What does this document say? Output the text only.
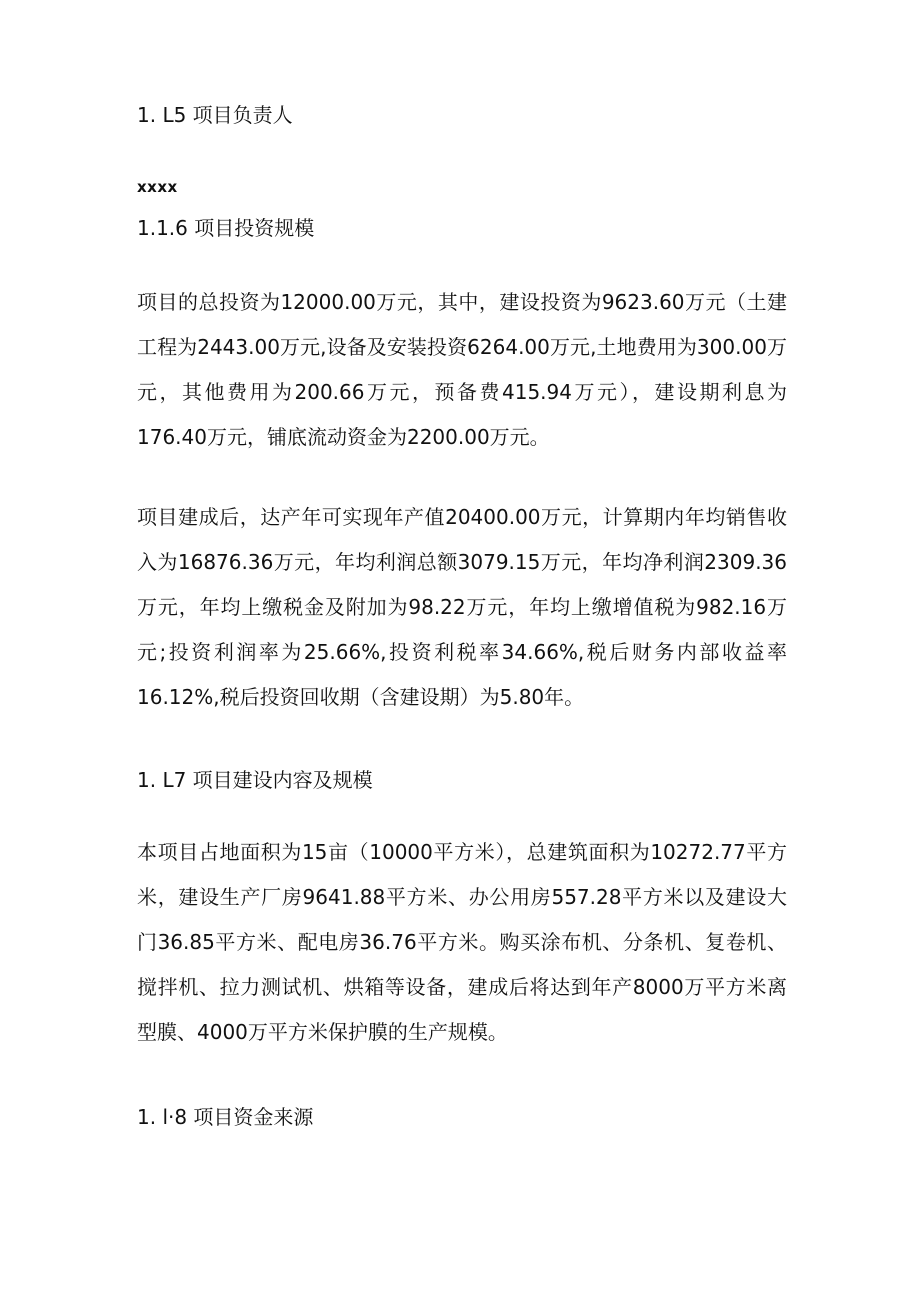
1. L5 项目负责人
xxxx
1.1.6 项目投资规模

项目的总投资为12000.00万元，其中，建设投资为9623.60万元（土建工程为2443.00万元,设备及安装投资6264.00万元,土地费用为300.00万元，其他费用为200.66万元，预备费415.94万元），建设期利息为176.40万元，铺底流动资金为2200.00万元。

项目建成后，达产年可实现年产值20400.00万元，计算期内年均销售收入为16876.36万元，年均利润总额3079.15万元，年均净利润2309.36万元，年均上缴税金及附加为98.22万元，年均上缴增值税为982.16万元;投资利润率为25.66%,投资利税率34.66%,税后财务内部收益率16.12%,税后投资回收期（含建设期）为5.80年。

1. L7 项目建设内容及规模

本项目占地面积为15亩（10000平方米），总建筑面积为10272.77平方米，建设生产厂房9641.88平方米、办公用房557.28平方米以及建设大门36.85平方米、配电房36.76平方米。购买涂布机、分条机、复卷机、搅拌机、拉力测试机、烘箱等设备，建成后将达到年产8000万平方米离型膜、4000万平方米保护膜的生产规模。

1. l·8 项目资金来源
